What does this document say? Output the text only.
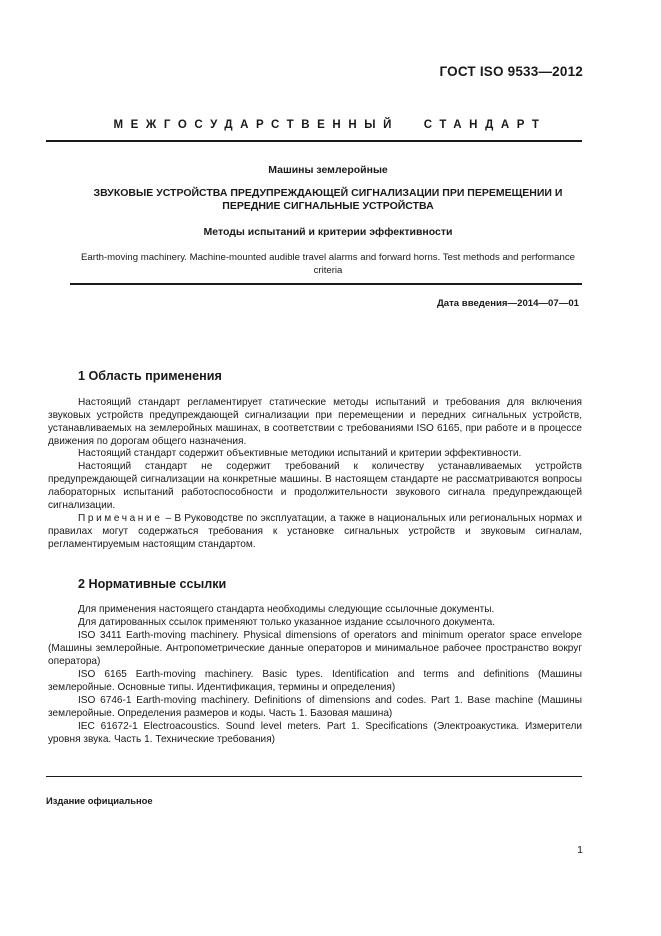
ГОСТ ISO 9533—2012
МЕЖГОСУДАРСТВЕННЫЙ СТАНДАРТ
Машины землеройные
ЗВУКОВЫЕ УСТРОЙСТВА ПРЕДУПРЕЖДАЮЩЕЙ СИГНАЛИЗАЦИИ ПРИ ПЕРЕМЕЩЕНИИ И ПЕРЕДНИЕ СИГНАЛЬНЫЕ УСТРОЙСТВА
Методы испытаний и критерии эффективности
Earth-moving machinery. Machine-mounted audible travel alarms and forward horns. Test methods and performance criteria
Дата введения—2014—07—01
1 Область применения
Настоящий стандарт регламентирует статические методы испытаний и требования для включения звуковых устройств предупреждающей сигнализации при перемещении и передних сигнальных устройств, устанавливаемых на землеройных машинах, в соответствии с требованиями ISO 6165, при работе и в процессе движения по дорогам общего назначения.
Настоящий стандарт содержит объективные методики испытаний и критерии эффективности.
Настоящий стандарт не содержит требований к количеству устанавливаемых устройств предупреждающей сигнализации на конкретные машины. В настоящем стандарте не рассматриваются вопросы лабораторных испытаний работоспособности и продолжительности звукового сигнала предупреждающей сигнализации.
Примечание – В Руководстве по эксплуатации, а также в национальных или региональных нормах и правилах могут содержаться требования к установке сигнальных устройств и звуковым сигналам, регламентируемым настоящим стандартом.
2 Нормативные ссылки
Для применения настоящего стандарта необходимы следующие ссылочные документы.
Для датированных ссылок применяют только указанное издание ссылочного документа.
ISO 3411 Earth-moving machinery. Physical dimensions of operators and minimum operator space envelope (Машины землеройные. Антропометрические данные операторов и минимальное рабочее пространство вокруг оператора)
ISO 6165 Earth-moving machinery. Basic types. Identification and terms and definitions (Машины землеройные. Основные типы. Идентификация, термины и определения)
ISO 6746-1 Earth-moving machinery. Definitions of dimensions and codes. Part 1. Base machine (Машины землеройные. Определения размеров и коды. Часть 1. Базовая машина)
IEC 61672-1 Electroacoustics. Sound level meters. Part 1. Specifications (Электроакустика. Измерители уровня звука. Часть 1. Технические требования)
Издание официальное
1
